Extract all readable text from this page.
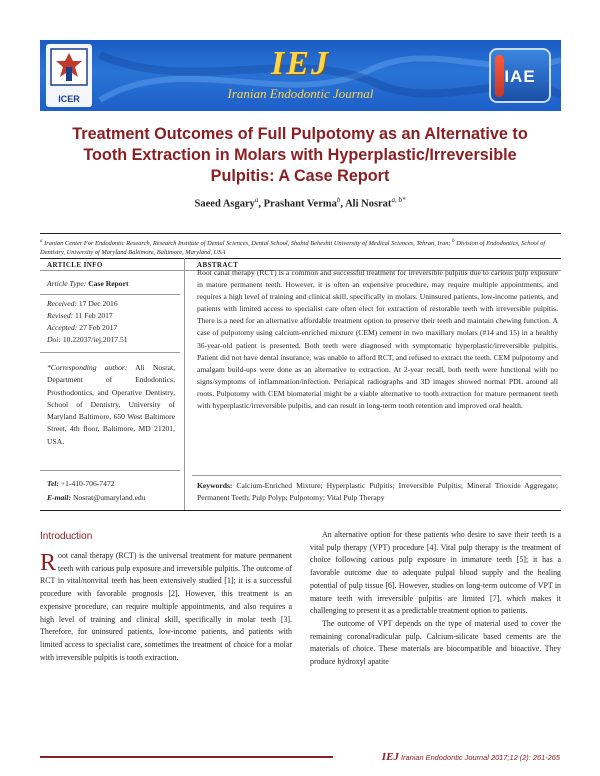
ICER
IEJ
Iranian Endodontic Journal
IAE
Treatment Outcomes of Full Pulpotomy as an Alternative to
Tooth Extraction in Molars with Hyperplastic/Irreversible
Pulpitis: A Case Report
Saeed Asgary$^a$, Prashant Verma$^b$, Ali Nosrat$^{a, b*}$
$^a$ Iranian Center For Endodontic Research, Research Institute of Dental Sciences, Dental School, Shahid Beheshti University of Medical Sciences, Tehran, Iran; $^b$ Division of Endodontics, School of Dentistry, University of Maryland Baltimore, Baltimore, Maryland, USA
ARTICLE INFO	ABSTRACT
Article Type: Case Report
Received: 17 Dec 2016
Revised: 11 Feb 2017
Accepted: 27 Feb 2017
Doi: 10.22037/iej.2017.51
*Corresponding author: Ali Nosrat, Department of Endodontics, Prosthodontics, and Operative Dentistry, School of Dentistry, University of Maryland Baltimore, 650 West Baltimore Street, 4th floor, Baltimore, MD 21201, USA.
Tel: +1-410-706-7472
E-mail: Nosrat@umaryland.edu
Root canal therapy (RCT) is a common and successful treatment for irreversible pulpitis due to carious pulp exposure in mature permanent teeth. However, it is often an expensive procedure, may require multiple appointments, and requires a high level of training and clinical skill, specifically in molars. Uninsured patients, low-income patients, and patients with limited access to specialist care often elect for extraction of restorable teeth with irreversible pulpitis. There is a need for an alternative affordable treatment option to preserve their teeth and maintain chewing function. A case of pulpotomy using calcium-enriched mixture (CEM) cement in two maxillary molars (#14 and 15) in a healthy 36-year-old patient is presented. Both teeth were diagnosed with symptomatic hyperplastic/irreversible pulpitis. Patient did not have dental insurance, was unable to afford RCT, and refused to extract the teeth. CEM pulpotomy and amalgam build-ups were done as an alternative to extraction. At 2-year recall, both teeth were functional with no signs/symptoms of inflammation/infection. Periapical radiographs and 3D images showed normal PDL around all roots. Pulpotomy with CEM biomaterial might be a viable alternative to tooth extraction for mature permanent teeth with hyperplastic/irreversible pulpitis, and can result in long-term tooth retention and improved oral health.
Keywords: Calcium-Enriched Mixture; Hyperplastic Pulpitis; Irreversible Pulpitis; Mineral Trioxide Aggregate; Permanent Teeth; Pulp Polyp; Pulpotomy; Vital Pulp Therapy
Introduction
Root canal therapy (RCT) is the universal treatment for mature permanent teeth with carious pulp exposure and irreversible pulpitis. The outcome of RCT in vital/nonvital teeth has been extensively studied [1]; it is a successful procedure with favorable prognosis [2]. However, this treatment is an expensive procedure, can require multiple appointments, and also requires a high level of training and clinical skill, specifically in molar teeth [3]. Therefore, for uninsured patients, low-income patients, and patients with limited access to specialist care, sometimes the treatment of choice for a molar with irreversible pulpitis is tooth extraction.

An alternative option for these patients who desire to save their teeth is a vital pulp therapy (VPT) procedure [4]. Vital pulp therapy is the treatment of choice following carious pulp exposure in immature teeth [5]; it has a favorable outcome due to adequate pulpal blood supply and the healing potential of pulp tissue [6]. However, studies on long-term outcome of VPT in mature teeth with irreversible pulpitis are limited [7], which makes it challenging to present it as a predictable treatment option to patients.

The outcome of VPT depends on the type of material used to cover the remaining coronal/radicular pulp. Calcium-silicate based cements are the materials of choice. These materials are biocompatible and bioactive. They produce hydroxyl apatite

IEJ Iranian Endodontic Journal 2017;12 (2): 261-265
